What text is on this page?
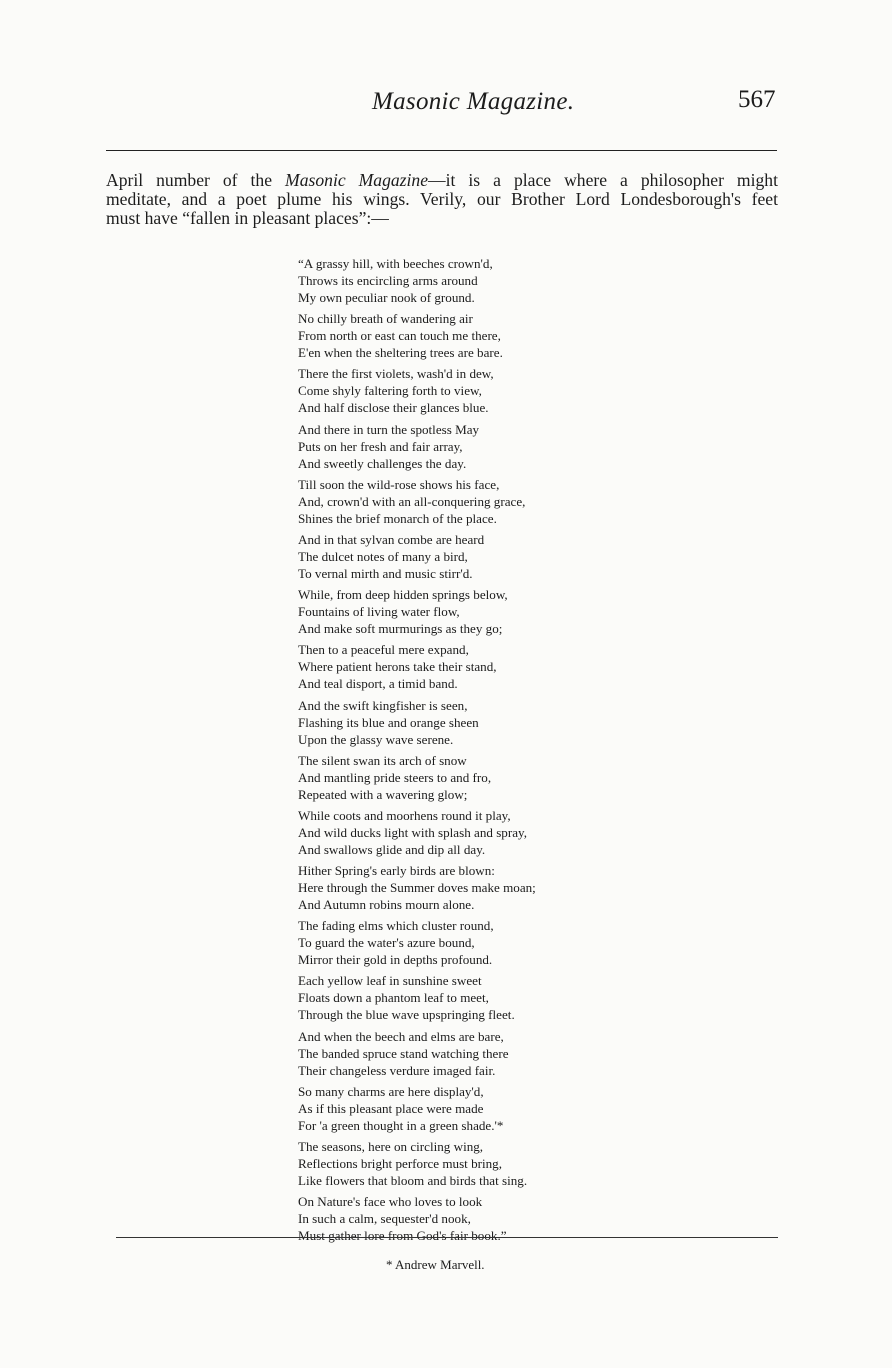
Masonic Magazine.	567
April number of the Masonic Magazine—it is a place where a philosopher might
meditate, and a poet plume his wings. Verily, our Brother Lord Londesborough's feet
must have “fallen in pleasant places”:—
“A grassy hill, with beeches crown'd,
Throws its encircling arms around
My own peculiar nook of ground.
No chilly breath of wandering air
From north or east can touch me there,
E'en when the sheltering trees are bare.
There the first violets, wash'd in dew,
Come shyly faltering forth to view,
And half disclose their glances blue.
And there in turn the spotless May
Puts on her fresh and fair array,
And sweetly challenges the day.
Till soon the wild-rose shows his face,
And, crown'd with an all-conquering grace,
Shines the brief monarch of the place.
And in that sylvan combe are heard
The dulcet notes of many a bird,
To vernal mirth and music stirr'd.
While, from deep hidden springs below,
Fountains of living water flow,
And make soft murmurings as they go;
Then to a peaceful mere expand,
Where patient herons take their stand,
And teal disport, a timid band.
And the swift kingfisher is seen,
Flashing its blue and orange sheen
Upon the glassy wave serene.
The silent swan its arch of snow
And mantling pride steers to and fro,
Repeated with a wavering glow;
While coots and moorhens round it play,
And wild ducks light with splash and spray,
And swallows glide and dip all day.
Hither Spring's early birds are blown:
Here through the Summer doves make moan;
And Autumn robins mourn alone.
The fading elms which cluster round,
To guard the water's azure bound,
Mirror their gold in depths profound.
Each yellow leaf in sunshine sweet
Floats down a phantom leaf to meet,
Through the blue wave upspringing fleet.
And when the beech and elms are bare,
The banded spruce stand watching there
Their changeless verdure imaged fair.
So many charms are here display'd,
As if this pleasant place were made
For 'a green thought in a green shade.'*
The seasons, here on circling wing,
Reflections bright perforce must bring,
Like flowers that bloom and birds that sing.
On Nature's face who loves to look
In such a calm, sequester'd nook,
Must gather lore from God's fair book.”
* Andrew Marvell.
